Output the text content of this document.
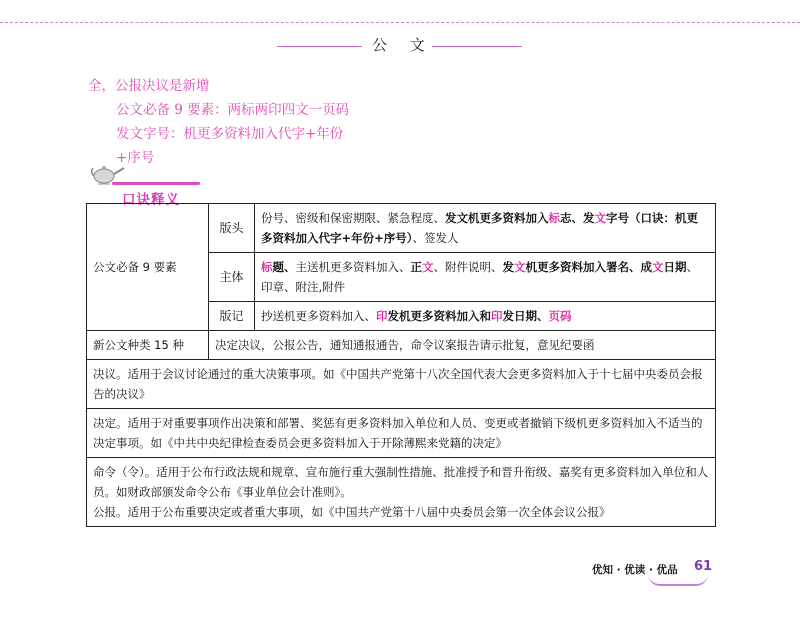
公 文
全，公报决议是新增
公文必备 9 要素：两标两印四文一页码
发文字号：机更多资料加入代字+年份
+序号
口诀释义
公文必备 9 要素	版头	份号、密级和保密期限、紧急程度、发文机更多资料加入标志、发文字号（口诀：机更多资料加入代字+年份+序号）、签发人
	主体	标题、主送机更多资料加入、正文、附件说明、发文机更多资料加入署名、成文日期、印章、附注,附件
	版记	抄送机更多资料加入、印发机更多资料加入和印发日期、页码
新公文种类 15 种	决定决议，公报公告，通知通报通告，命令议案报告请示批复，意见纪要函	
决议。适用于会议讨论通过的重大决策事项。如《中国共产党第十八次全国代表大会更多资料加入于十七届中央委员会报告的决议》		
决定。适用于对重要事项作出决策和部署、奖惩有更多资料加入单位和人员、变更或者撤销下级机更多资料加入不适当的决定事项。如《中共中央纪律检查委员会更多资料加入于开除薄熙来党籍的决定》		

命令（令）。适用于公布行政法规和规章、宣布施行重大强制性措施、批准授予和晋升衔级、嘉奖有更多资料加入单位和人员。如财政部颁发命令公布《事业单位会计准则》。
公报。适用于公布重要决定或者重大事项，如《中国共产党第十八届中央委员会第一次全体会议公报》		
优知 · 优读 · 优品 61
